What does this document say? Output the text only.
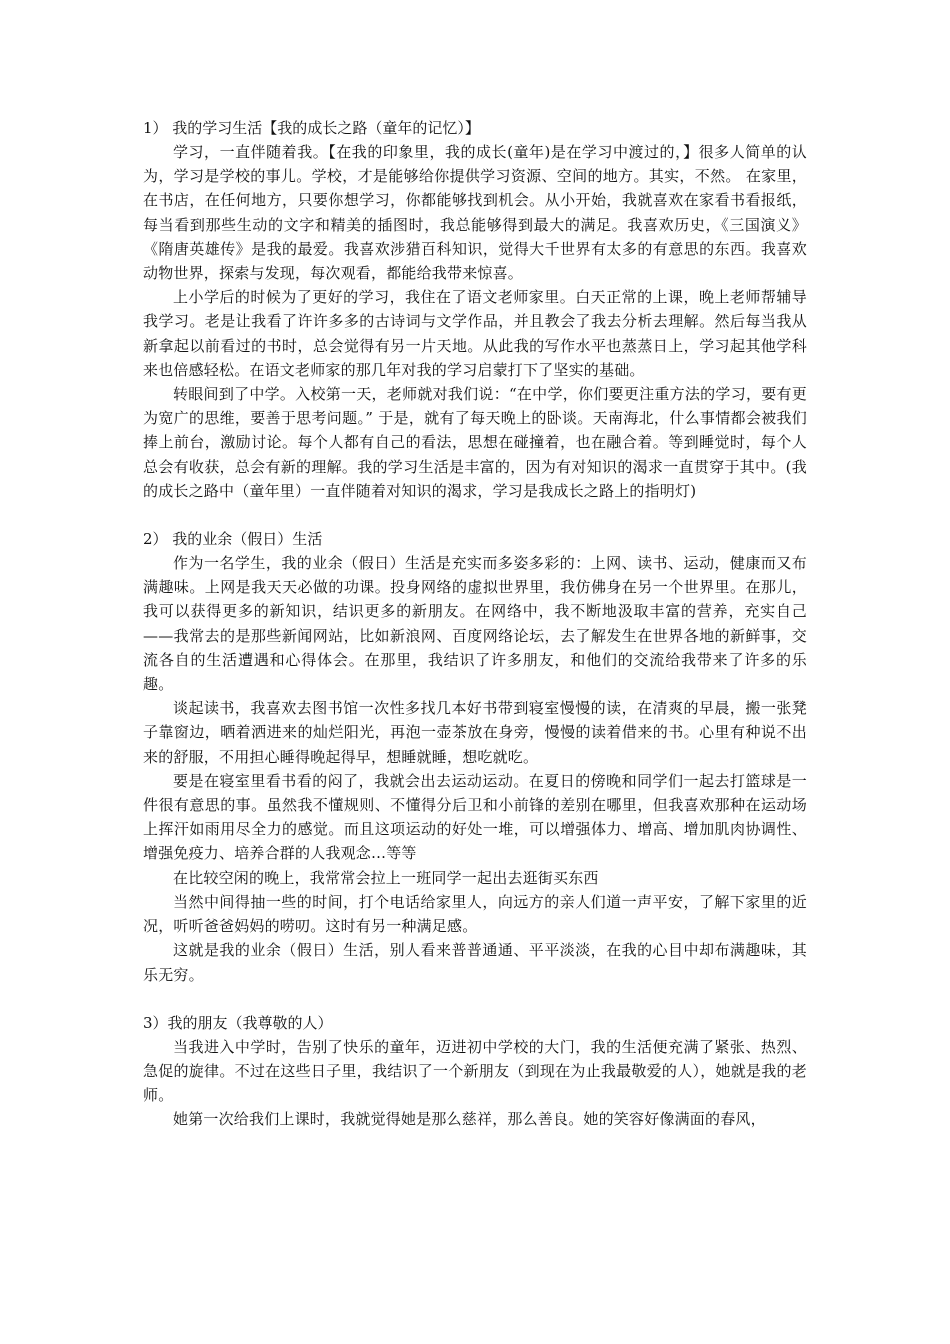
1） 我的学习生活【我的成长之路（童年的记忆）】

学习，一直伴随着我。【在我的印象里，我的成长(童年)是在学习中渡过的，】很多人简单的认为，学习是学校的事儿。学校，才是能够给你提供学习资源、空间的地方。其实，不然。 在家里，在书店，在任何地方，只要你想学习，你都能够找到机会。从小开始，我就喜欢在家看书看报纸，每当看到那些生动的文字和精美的插图时，我总能够得到最大的满足。我喜欢历史，《三国演义》《隋唐英雄传》是我的最爱。我喜欢涉猎百科知识，觉得大千世界有太多的有意思的东西。我喜欢动物世界，探索与发现，每次观看，都能给我带来惊喜。

上小学后的时候为了更好的学习，我住在了语文老师家里。白天正常的上课，晚上老师帮辅导我学习。老是让我看了许许多多的古诗词与文学作品，并且教会了我去分析去理解。然后每当我从新拿起以前看过的书时，总会觉得有另一片天地。从此我的写作水平也蒸蒸日上，学习起其他学科来也倍感轻松。在语文老师家的那几年对我的学习启蒙打下了坚实的基础。

转眼间到了中学。入校第一天，老师就对我们说：“在中学，你们要更注重方法的学习，要有更为宽广的思维，要善于思考问题。” 于是，就有了每天晚上的卧谈。天南海北，什么事情都会被我们捧上前台，激励讨论。每个人都有自己的看法，思想在碰撞着，也在融合着。等到睡觉时，每个人总会有收获，总会有新的理解。我的学习生活是丰富的，因为有对知识的渴求一直贯穿于其中。(我的成长之路中（童年里）一直伴随着对知识的渴求，学习是我成长之路上的指明灯)

2） 我的业余（假日）生活

作为一名学生，我的业余（假日）生活是充实而多姿多彩的：上网、读书、运动，健康而又布满趣味。上网是我天天必做的功课。投身网络的虚拟世界里，我仿佛身在另一个世界里。在那儿，我可以获得更多的新知识，结识更多的新朋友。在网络中，我不断地汲取丰富的营养，充实自己——我常去的是那些新闻网站，比如新浪网、百度网络论坛，去了解发生在世界各地的新鲜事，交流各自的生活遭遇和心得体会。在那里，我结识了许多朋友，和他们的交流给我带来了许多的乐趣。

谈起读书，我喜欢去图书馆一次性多找几本好书带到寝室慢慢的读，在清爽的早晨，搬一张凳子靠窗边，晒着洒进来的灿烂阳光，再泡一壶茶放在身旁，慢慢的读着借来的书。心里有种说不出来的舒服，不用担心睡得晚起得早，想睡就睡，想吃就吃。

要是在寝室里看书看的闷了，我就会出去运动运动。在夏日的傍晚和同学们一起去打篮球是一件很有意思的事。虽然我不懂规则、不懂得分后卫和小前锋的差别在哪里，但我喜欢那种在运动场上挥汗如雨用尽全力的感觉。而且这项运动的好处一堆，可以增强体力、增高、增加肌肉协调性、增强免疫力、培养合群的人我观念…等等

在比较空闲的晚上，我常常会拉上一班同学一起出去逛街买东西

当然中间得抽一些的时间，打个电话给家里人，向远方的亲人们道一声平安，了解下家里的近况，听听爸爸妈妈的唠叨。这时有另一种满足感。

这就是我的业余（假日）生活，别人看来普普通通、平平淡淡，在我的心目中却布满趣味，其乐无穷。

3）我的朋友（我尊敬的人）

当我进入中学时，告别了快乐的童年，迈进初中学校的大门，我的生活便充满了紧张、热烈、急促的旋律。不过在这些日子里，我结识了一个新朋友（到现在为止我最敬爱的人），她就是我的老师。

她第一次给我们上课时，我就觉得她是那么慈祥，那么善良。她的笑容好像满面的春风，
